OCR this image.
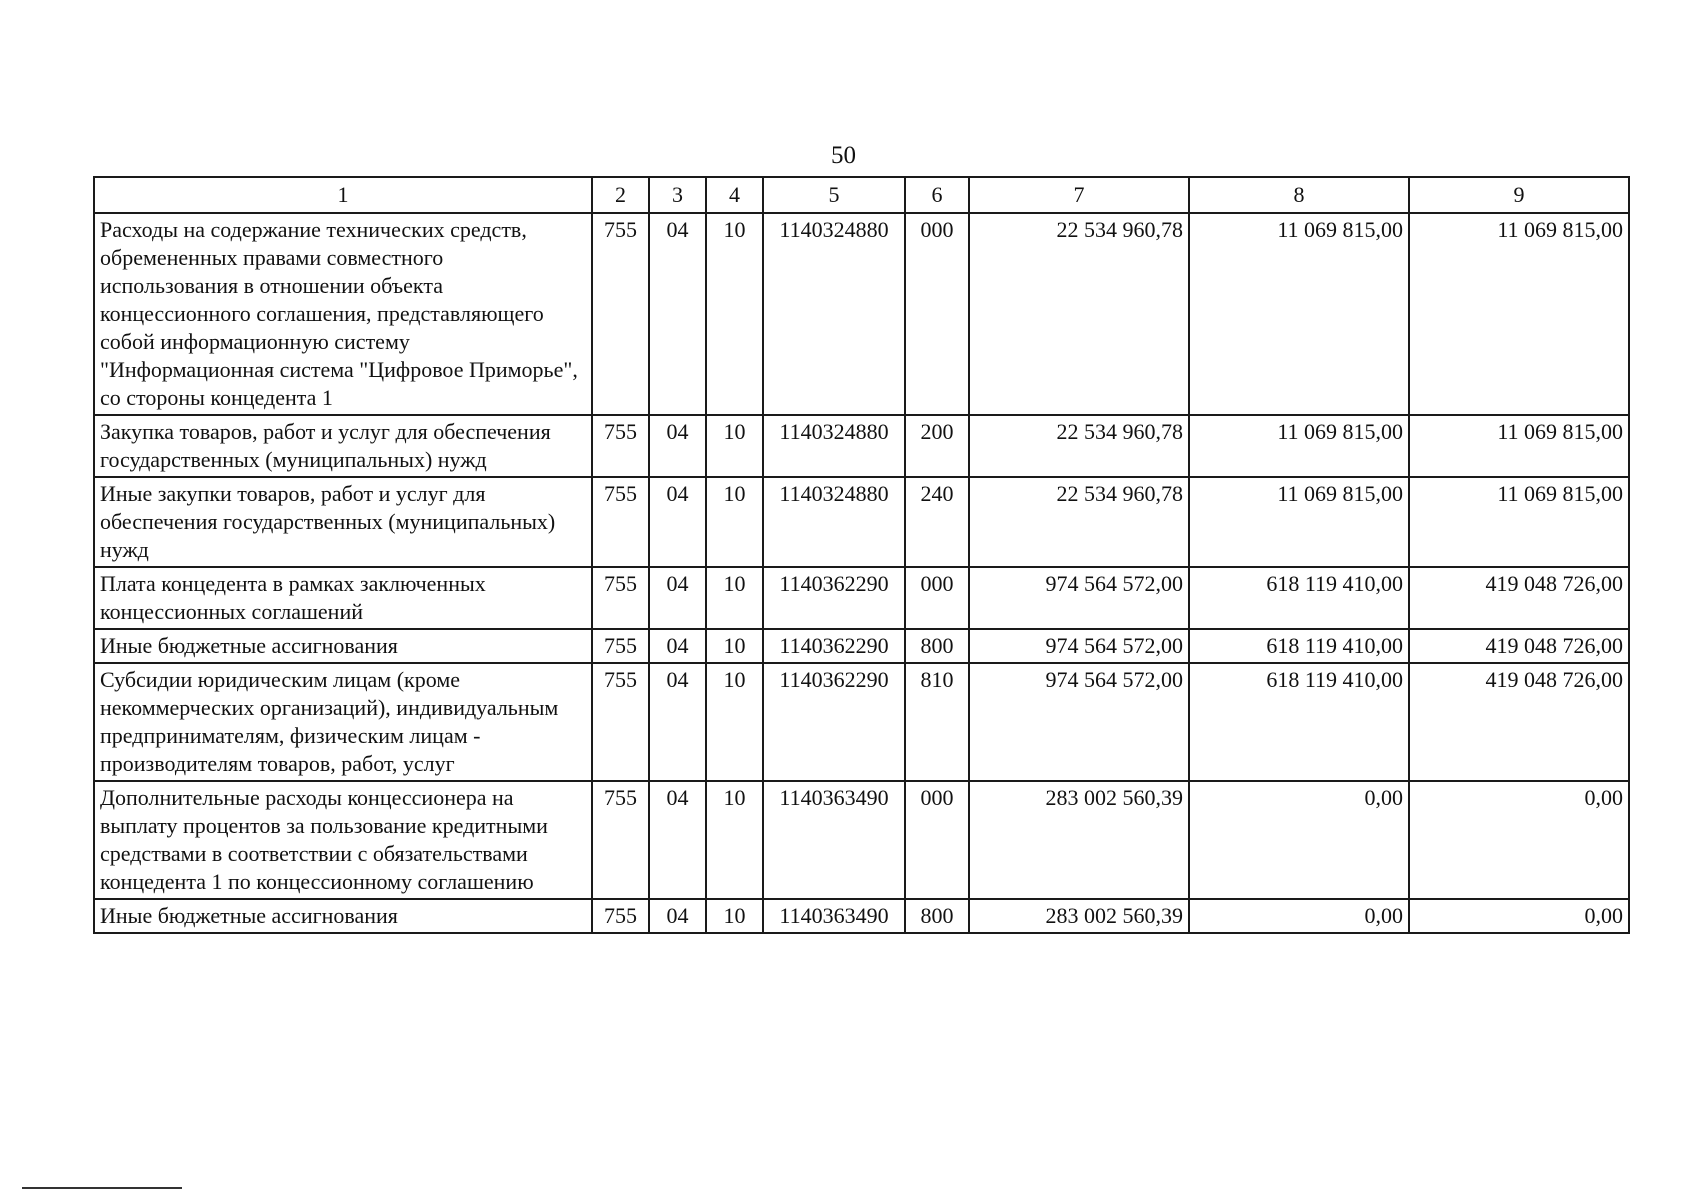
50
1	2	3	4	5	6	7	8	9
Расходы на содержание технических средств, обремененных правами совместного использования в отношении объекта концессионного соглашения, представляющего собой информационную систему "Информационная система "Цифровое Приморье", со стороны концедента 1	755	04	10	1140324880	000	22 534 960,78	11 069 815,00	11 069 815,00
Закупка товаров, работ и услуг для обеспечения государственных (муниципальных) нужд	755	04	10	1140324880	200	22 534 960,78	11 069 815,00	11 069 815,00
Иные закупки товаров, работ и услуг для обеспечения государственных (муниципальных) нужд	755	04	10	1140324880	240	22 534 960,78	11 069 815,00	11 069 815,00
Плата концедента в рамках заключенных концессионных соглашений	755	04	10	1140362290	000	974 564 572,00	618 119 410,00	419 048 726,00
Иные бюджетные ассигнования	755	04	10	1140362290	800	974 564 572,00	618 119 410,00	419 048 726,00
Субсидии юридическим лицам (кроме некоммерческих организаций), индивидуальным предпринимателям, физическим лицам - производителям товаров, работ, услуг	755	04	10	1140362290	810	974 564 572,00	618 119 410,00	419 048 726,00
Дополнительные расходы концессионера на выплату процентов за пользование кредитными средствами в соответствии с обязательствами концедента 1 по концессионному соглашению	755	04	10	1140363490	000	283 002 560,39	0,00	0,00
Иные бюджетные ассигнования	755	04	10	1140363490	800	283 002 560,39	0,00	0,00
